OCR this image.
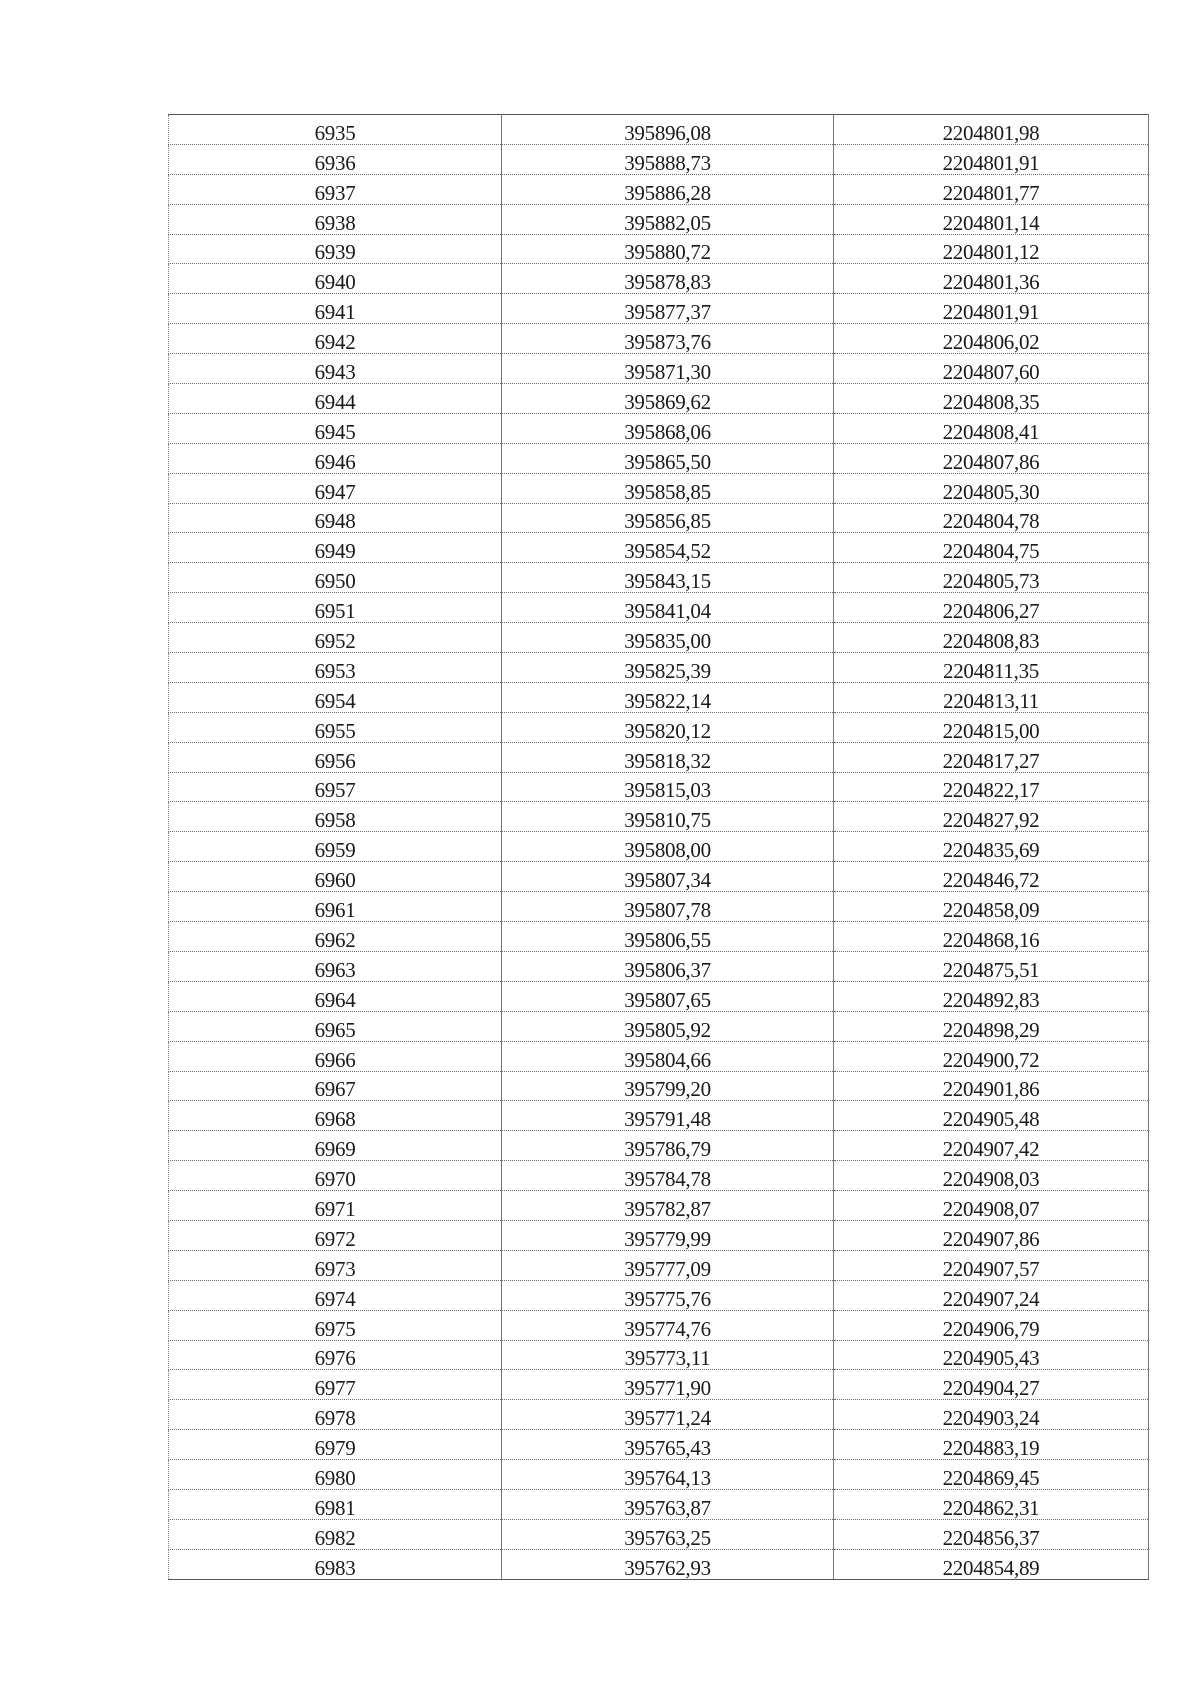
6935	395896,08	2204801,98
6936	395888,73	2204801,91
6937	395886,28	2204801,77
6938	395882,05	2204801,14
6939	395880,72	2204801,12
6940	395878,83	2204801,36
6941	395877,37	2204801,91
6942	395873,76	2204806,02
6943	395871,30	2204807,60
6944	395869,62	2204808,35
6945	395868,06	2204808,41
6946	395865,50	2204807,86
6947	395858,85	2204805,30
6948	395856,85	2204804,78
6949	395854,52	2204804,75
6950	395843,15	2204805,73
6951	395841,04	2204806,27
6952	395835,00	2204808,83
6953	395825,39	2204811,35
6954	395822,14	2204813,11
6955	395820,12	2204815,00
6956	395818,32	2204817,27
6957	395815,03	2204822,17
6958	395810,75	2204827,92
6959	395808,00	2204835,69
6960	395807,34	2204846,72
6961	395807,78	2204858,09
6962	395806,55	2204868,16
6963	395806,37	2204875,51
6964	395807,65	2204892,83
6965	395805,92	2204898,29
6966	395804,66	2204900,72
6967	395799,20	2204901,86
6968	395791,48	2204905,48
6969	395786,79	2204907,42
6970	395784,78	2204908,03
6971	395782,87	2204908,07
6972	395779,99	2204907,86
6973	395777,09	2204907,57
6974	395775,76	2204907,24
6975	395774,76	2204906,79
6976	395773,11	2204905,43
6977	395771,90	2204904,27
6978	395771,24	2204903,24
6979	395765,43	2204883,19
6980	395764,13	2204869,45
6981	395763,87	2204862,31
6982	395763,25	2204856,37
6983	395762,93	2204854,89
